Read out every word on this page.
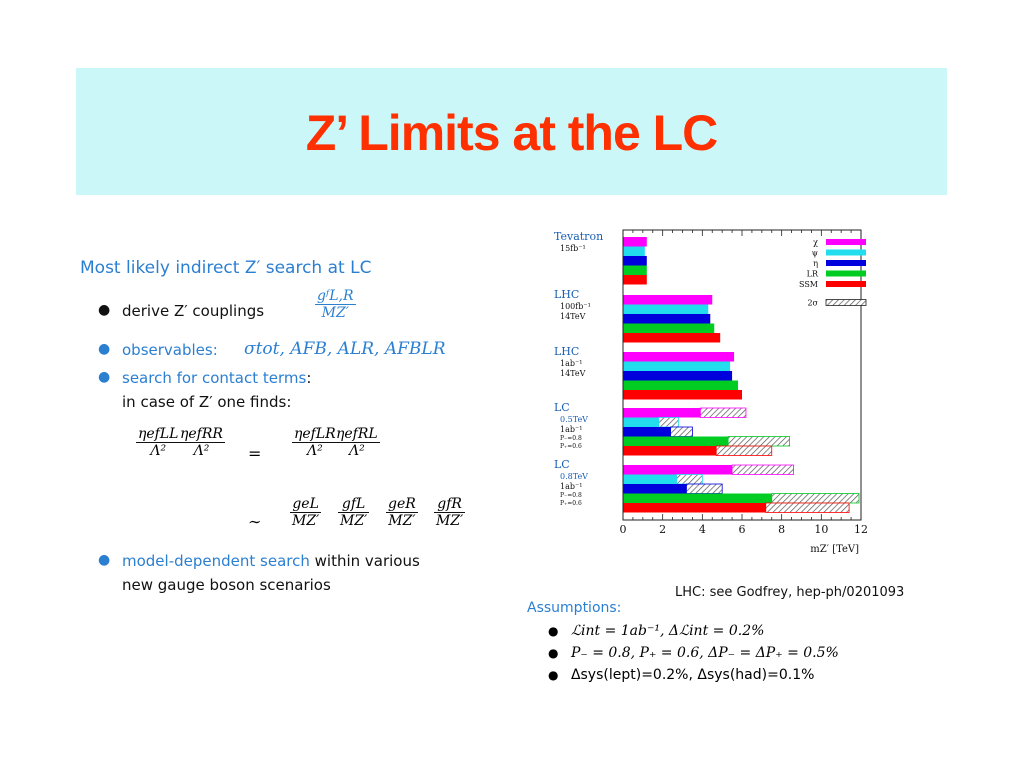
Z’ Limits at the LC
Most likely indirect Z′ search at LC
● derive Z′ couplings
gᶠL,R
MZ′
● observables: σtot, AFB, ALR, AFBLR
● search for contact terms:
in case of Z′ one finds:
ηefLL
Λ²
ηefRR
Λ²	=
ηefLR
Λ²
ηefRL
Λ²
∼
geL
MZ′
gfL
MZ′
geR
MZ′
gfR
MZ′
● model-dependent search within various
new gauge boson scenarios
0	2	4	6	8	10 12
mZ′ [TeV]
Tevatron
15fb⁻¹
LHC
100fb⁻¹
14TeV
LHC
1ab⁻¹
14TeV
LC
0.5TeV
1ab⁻¹
P₋=0.8
P₊=0.6
LC
0.8TeV
1ab⁻¹
P₋=0.8
P₊=0.6
χ
ψ
η
LR
SSM
2σ
LHC: see Godfrey, hep-ph/0201093
Assumptions:
● ℒint = 1ab⁻¹, Δℒint = 0.2%
● P₋ = 0.8, P₊ = 0.6, ΔP₋ = ΔP₊ = 0.5%
● Δsys(lept)=0.2%, Δsys(had)=0.1%
